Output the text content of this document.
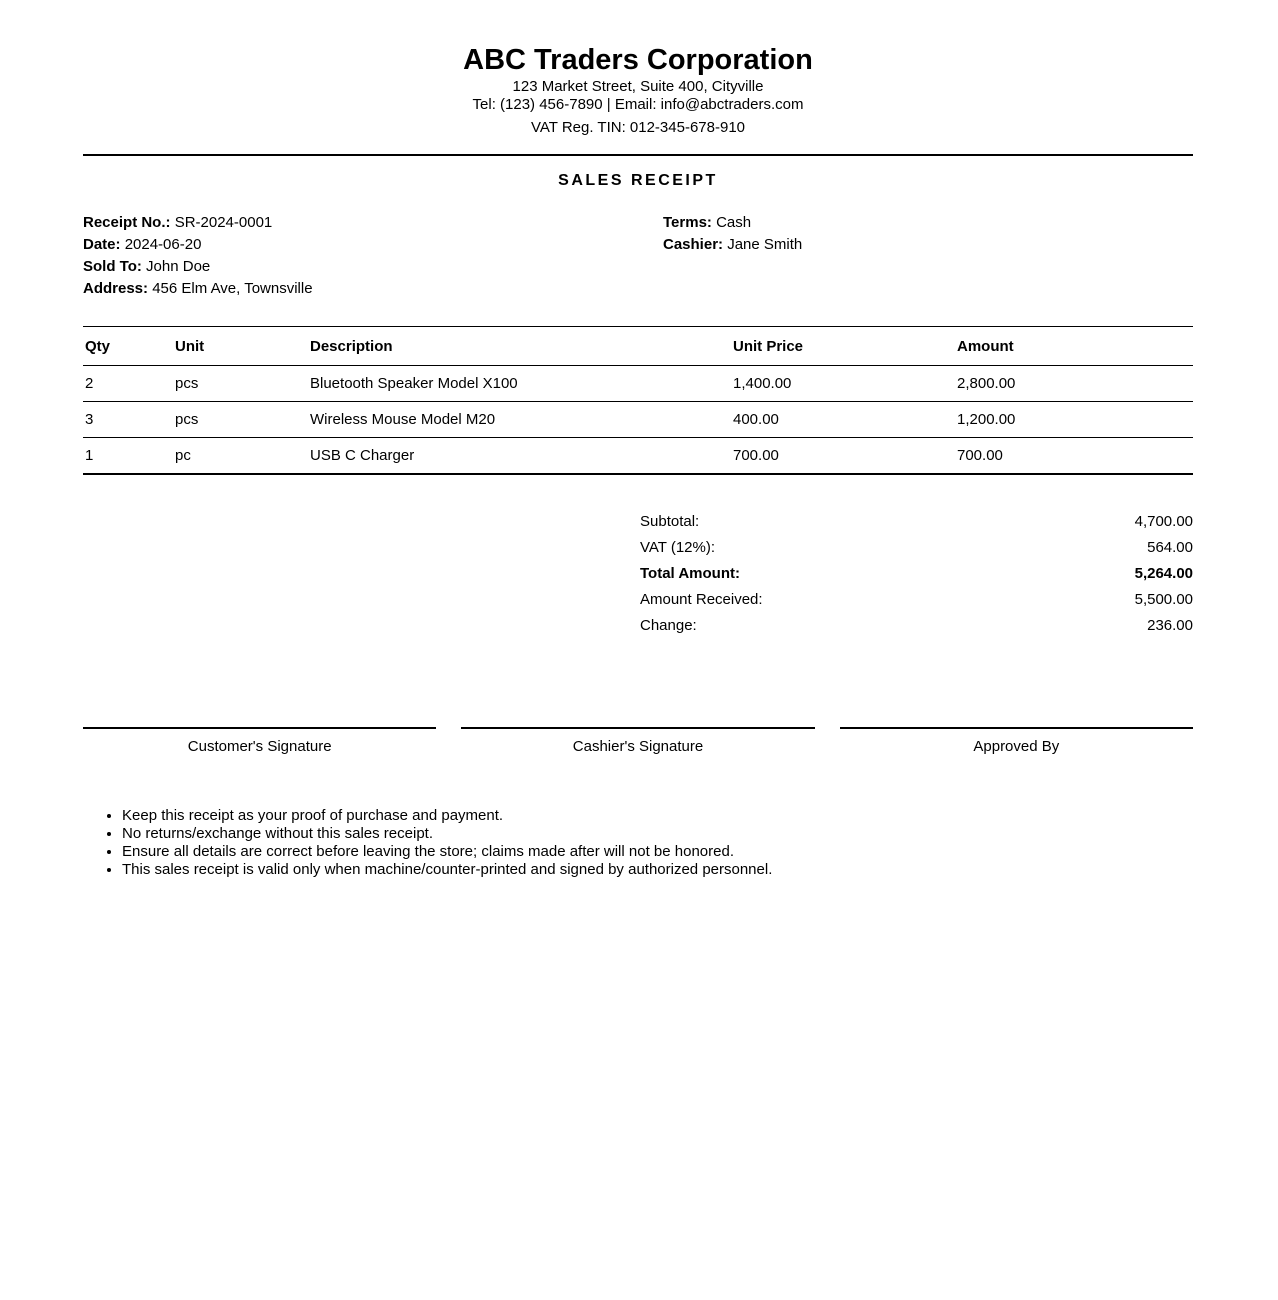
ABC Traders Corporation
123 Market Street, Suite 400, Cityville
Tel: (123) 456-7890 | Email: info@abctraders.com
VAT Reg. TIN: 012-345-678-910
SALES RECEIPT
Receipt No.: SR-2024-0001
Date: 2024-06-20
Sold To: John Doe
Address: 456 Elm Ave, Townsville
Terms: Cash
Cashier: Jane Smith
Qty	Unit	Description	Unit Price	Amount
2	pcs	Bluetooth Speaker Model X100	1,400.00	2,800.00
3	pcs	Wireless Mouse Model M20	400.00	1,200.00
1	pc	USB C Charger	700.00	700.00
Subtotal:	4,700.00
VAT (12%):	564.00
Total Amount:	5,264.00
Amount Received:	5,500.00
Change:	236.00
Customer's Signature	Cashier's Signature	Approved By
• Keep this receipt as your proof of purchase and payment.
• No returns/exchange without this sales receipt.
• Ensure all details are correct before leaving the store; claims made after will not be honored.
• This sales receipt is valid only when machine/counter-printed and signed by authorized personnel.
